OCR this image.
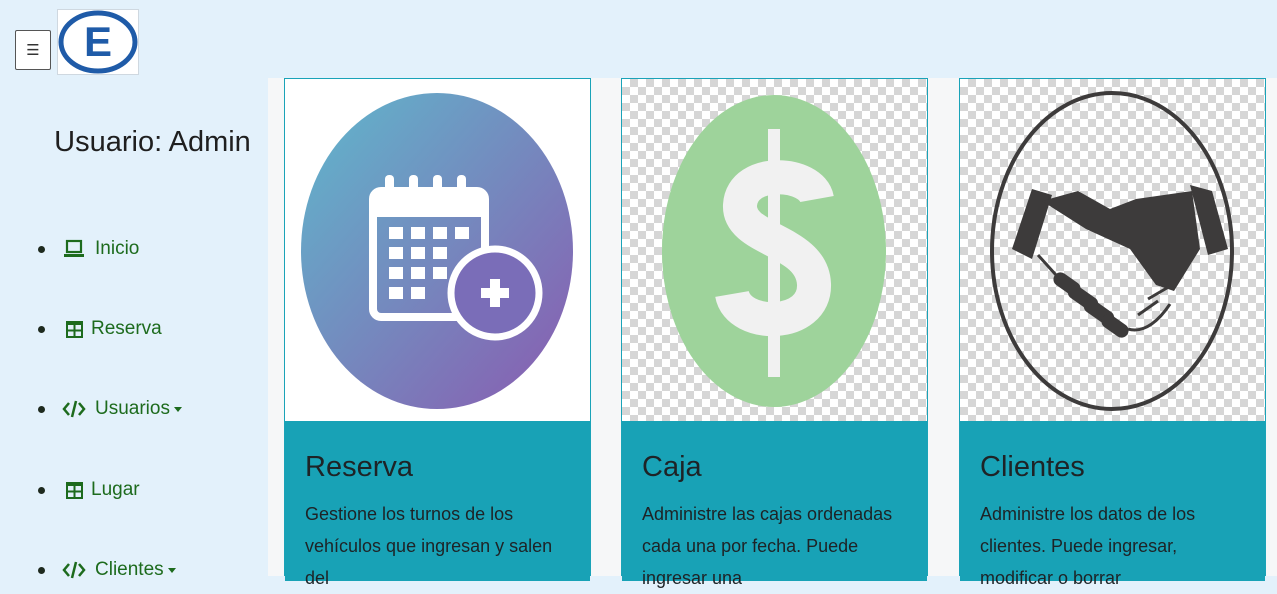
☰ E
Usuario: Admin
Inicio
Reserva
Usuarios
Lugar
Clientes
Reserva
Gestione los turnos de los vehículos que ingresan y salen del
Caja
Administre las cajas ordenadas cada una por fecha. Puede ingresar una
Clientes
Administre los datos de los clientes. Puede ingresar, modificar o borrar
